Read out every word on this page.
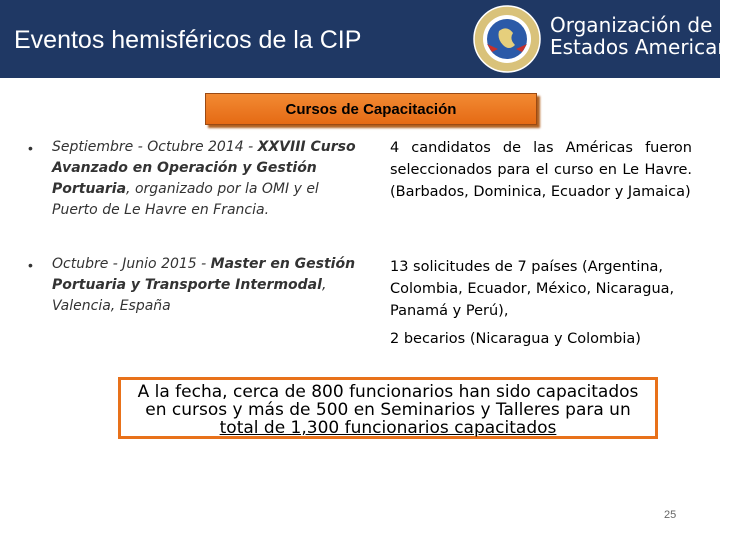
Eventos hemisféricos de la CIP
Organización de los
Estados Americanos
Cursos de Capacitación
• Septiembre - Octubre 2014 - XXVIII Curso Avanzado en Operación y Gestión Portuaria, organizado por la OMI y el Puerto de Le Havre en Francia.
4 candidatos de las Américas fueron seleccionados para el curso en Le Havre. (Barbados, Dominica, Ecuador y Jamaica)
• Octubre - Junio 2015 - Master en Gestión Portuaria y Transporte Intermodal, Valencia, España
13 solicitudes de 7 países (Argentina, Colombia, Ecuador, México, Nicaragua, Panamá y Perú),
2 becarios (Nicaragua y Colombia)

A la fecha, cerca de 800 funcionarios han sido capacitados
en cursos y más de 500 en Seminarios y Talleres para un
total de 1,300 funcionarios capacitados

25
